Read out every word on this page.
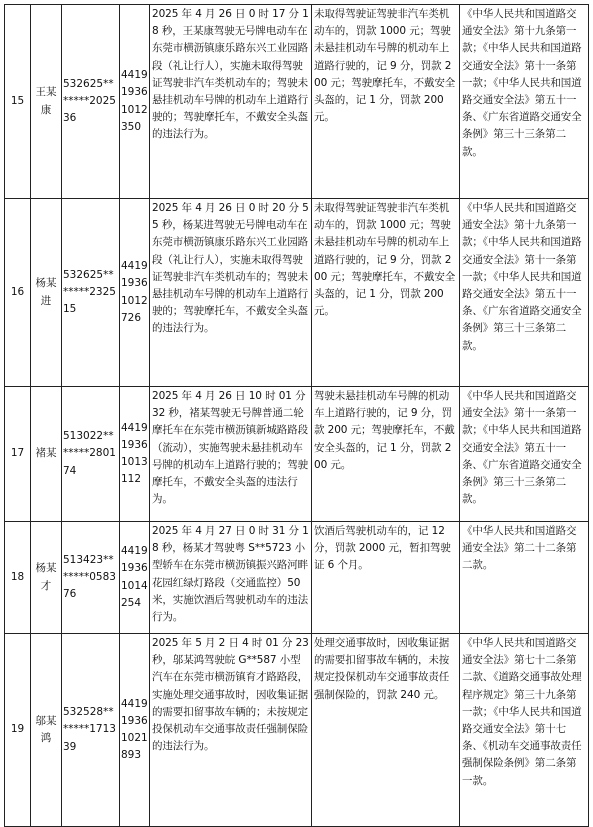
15	王某康	532625*******202536	441919361012350	2025 年 4 月 26 日 0 时 17 分 18 秒，王某康驾驶无号牌电动车在东莞市横沥镇康乐路东兴工业园路段（礼让行人），实施未取得驾驶证驾驶非汽车类机动车的；驾驶未悬挂机动车号牌的机动车上道路行驶的；驾驶摩托车，不戴安全头盔的违法行为。	未取得驾驶证驾驶非汽车类机动车的，罚款 1000 元；驾驶未悬挂机动车号牌的机动车上道路行驶的，记 9 分，罚款 200 元；驾驶摩托车，不戴安全头盔的，记 1 分，罚款 200 元。	《中华人民共和国道路交通安全法》第十九条第一款；《中华人民共和国道路交通安全法》第十一条第一款；《中华人民共和国道路交通安全法》第五十一条、《广东省道路交通安全条例》第三十三条第二款。
16	杨某进	532625*******232515	441919361012726	2025 年 4 月 26 日 0 时 20 分 55 秒，杨某进驾驶无号牌电动车在东莞市横沥镇康乐路东兴工业园路段（礼让行人），实施未取得驾驶证驾驶非汽车类机动车的；驾驶未悬挂机动车号牌的机动车上道路行驶的；驾驶摩托车，不戴安全头盔的违法行为。	未取得驾驶证驾驶非汽车类机动车的，罚款 1000 元；驾驶未悬挂机动车号牌的机动车上道路行驶的，记 9 分，罚款 200 元；驾驶摩托车，不戴安全头盔的，记 1 分，罚款 200 元。	《中华人民共和国道路交通安全法》第十九条第一款；《中华人民共和国道路交通安全法》第十一条第一款；《中华人民共和国道路交通安全法》第五十一条、《广东省道路交通安全条例》第三十三条第二款。
17	褚某	513022*******280174	441919361013112	2025 年 4 月 26 日 10 时 01 分 32 秒，褚某驾驶无号牌普通二轮摩托车在东莞市横沥镇新城路路段（流动），实施驾驶未悬挂机动车号牌的机动车上道路行驶的；驾驶摩托车，不戴安全头盔的违法行为。	驾驶未悬挂机动车号牌的机动车上道路行驶的，记 9 分，罚款 200 元；驾驶摩托车，不戴安全头盔的，记 1 分，罚款 200 元。	《中华人民共和国道路交通安全法》第十一条第一款；《中华人民共和国道路交通安全法》第五十一条、《广东省道路交通安全条例》第三十三条第二款。
18	杨某才	513423*******058376	441919361014254	2025 年 4 月 27 日 0 时 31 分 18 秒，杨某才驾驶粤 S**5723 小型轿车在东莞市横沥镇振兴路河畔花园红绿灯路段（交通监控）50 米，实施饮酒后驾驶机动车的违法行为。	饮酒后驾驶机动车的，记 12 分，罚款 2000 元，暂扣驾驶证 6 个月。	《中华人民共和国道路交通安全法》第二十二条第二款。
19	邬某鸿	532528*******171339	441919361021893	2025 年 5 月 2 日 4 时 01 分 23 秒，邬某鸿驾驶皖 G**587 小型汽车在东莞市横沥镇育才路路段，实施处理交通事故时，因收集证据的需要扣留事故车辆的；未按规定投保机动车交通事故责任强制保险的违法行为。	处理交通事故时，因收集证据的需要扣留事故车辆的，未按规定投保机动车交通事故责任强制保险的，罚款 240 元。	《中华人民共和国道路交通安全法》第七十二条第二款、《道路交通事故处理程序规定》第三十九条第一款；《中华人民共和国道路交通安全法》第十七条、《机动车交通事故责任强制保险条例》第二条第一款。
